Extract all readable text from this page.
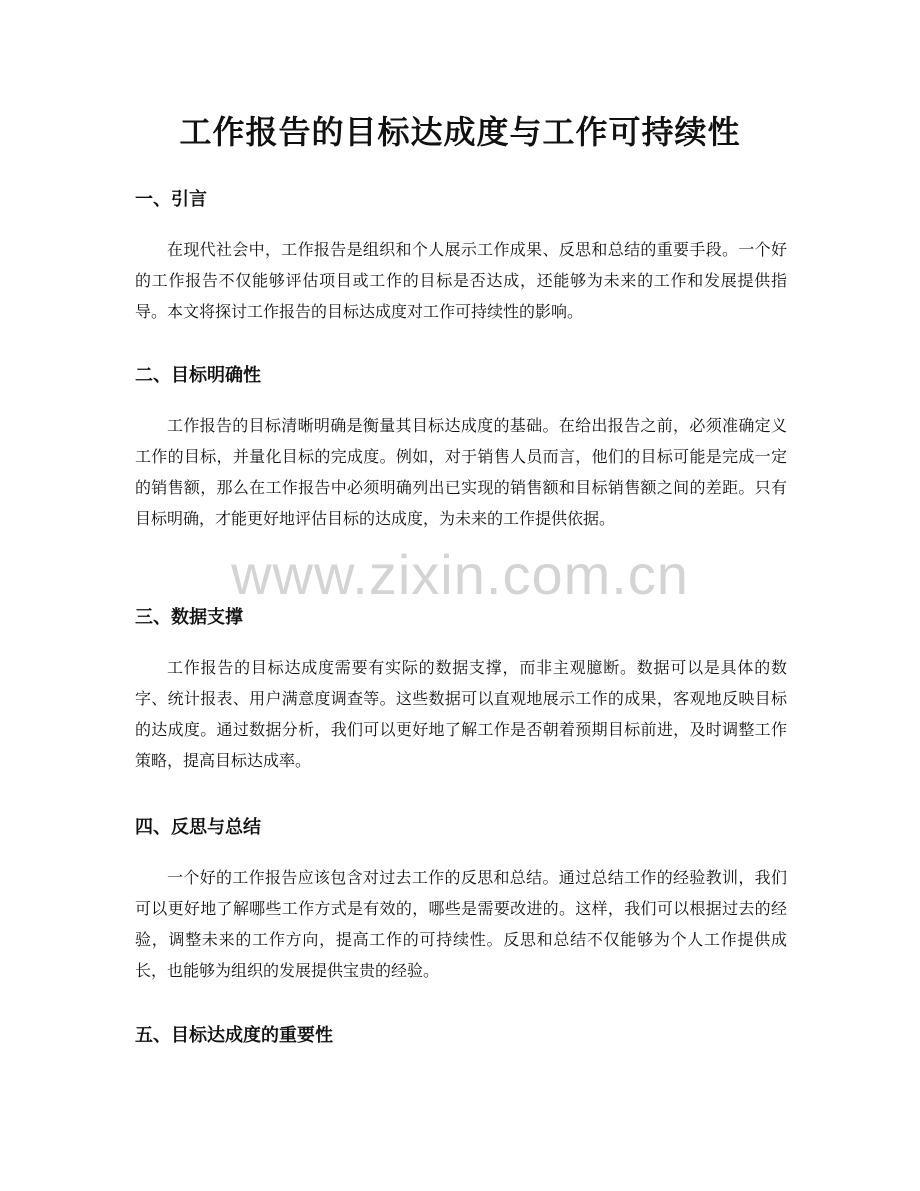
工作报告的目标达成度与工作可持续性
一、引言

在现代社会中，工作报告是组织和个人展示工作成果、反思和总结的重要手段。一个好的工作报告不仅能够评估项目或工作的目标是否达成，还能够为未来的工作和发展提供指导。本文将探讨工作报告的目标达成度对工作可持续性的影响。

二、目标明确性

工作报告的目标清晰明确是衡量其目标达成度的基础。在给出报告之前，必须准确定义工作的目标，并量化目标的完成度。例如，对于销售人员而言，他们的目标可能是完成一定的销售额，那么在工作报告中必须明确列出已实现的销售额和目标销售额之间的差距。只有目标明确，才能更好地评估目标的达成度，为未来的工作提供依据。

三、数据支撑

工作报告的目标达成度需要有实际的数据支撑，而非主观臆断。数据可以是具体的数字、统计报表、用户满意度调查等。这些数据可以直观地展示工作的成果，客观地反映目标的达成度。通过数据分析，我们可以更好地了解工作是否朝着预期目标前进，及时调整工作策略，提高目标达成率。

四、反思与总结

一个好的工作报告应该包含对过去工作的反思和总结。通过总结工作的经验教训，我们可以更好地了解哪些工作方式是有效的，哪些是需要改进的。这样，我们可以根据过去的经验，调整未来的工作方向，提高工作的可持续性。反思和总结不仅能够为个人工作提供成长，也能够为组织的发展提供宝贵的经验。

五、目标达成度的重要性
www.zixin.com.cn
